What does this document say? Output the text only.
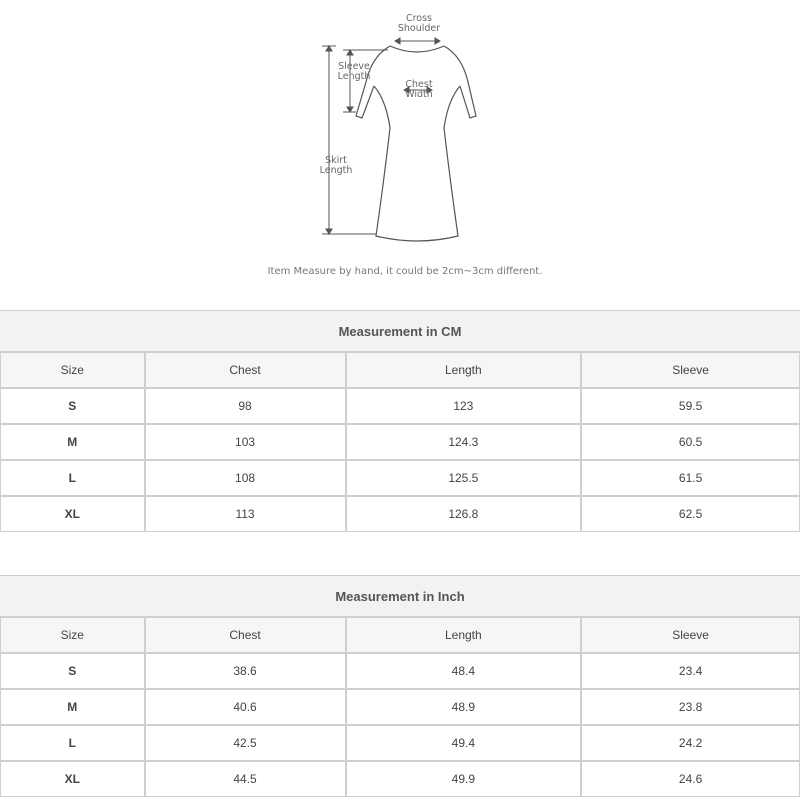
Cross Shoulder
Sleeve Length
Chest Width
Skirt Length
Item Measure by hand, it could be 2cm~3cm different.
Measurement in CM			
Size	Chest	Length	Sleeve
S	98	123	59.5
M	103	124.3	60.5
L	108	125.5	61.5
XL	113	126.8	62.5
Measurement in Inch			
Size	Chest	Length	Sleeve
S	38.6	48.4	23.4
M	40.6	48.9	23.8
L	42.5	49.4	24.2
XL	44.5	49.9	24.6
